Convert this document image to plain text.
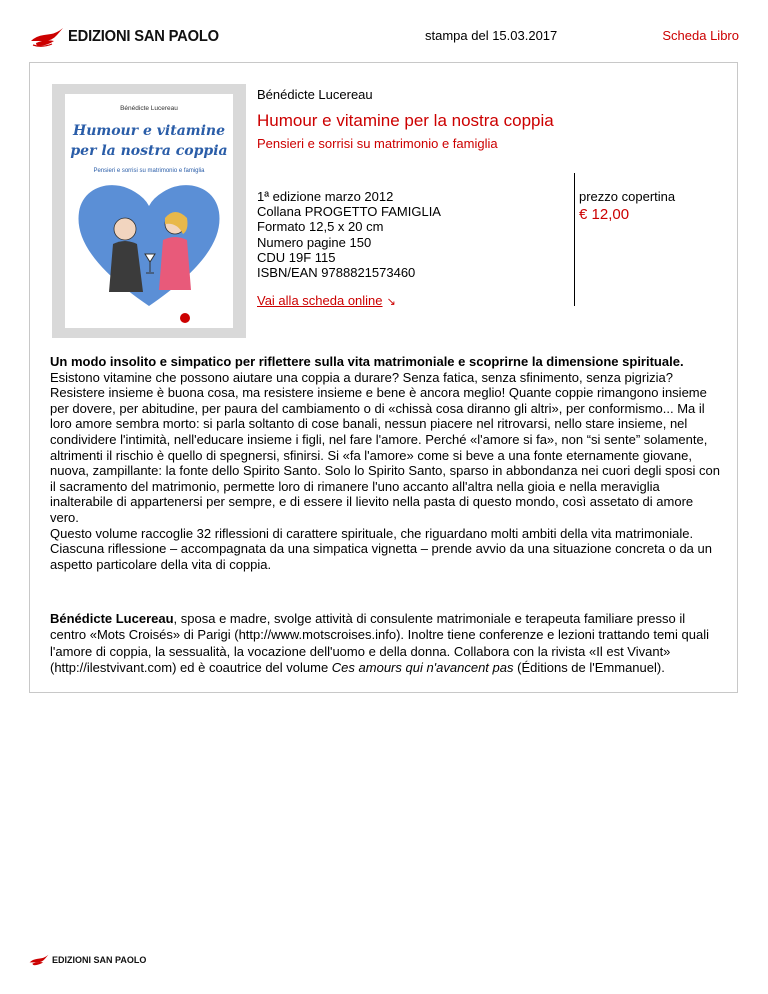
EDIZIONI SAN PAOLO	stampa del 15.03.2017	Scheda Libro
Bénédicte Lucereau
Humour e vitamine
per la nostra coppia
Pensieri e sorrisi su matrimonio e famiglia
Bénédicte Lucereau
Humour e vitamine per la nostra coppia
Pensieri e sorrisi su matrimonio e famiglia
1ª edizione marzo 2012
Collana PROGETTO FAMIGLIA
Formato 12,5 x 20 cm
Numero pagine 150
CDU 19F 115
ISBN/EAN 9788821573460
prezzo copertina
€ 12,00
Vai alla scheda online ↘

Un modo insolito e simpatico per riflettere sulla vita matrimoniale e scoprirne la dimensione spirituale.

Esistono vitamine che possono aiutare una coppia a durare? Senza fatica, senza sfinimento, senza pigrizia? Resistere insieme è buona cosa, ma resistere insieme e bene è ancora meglio! Quante coppie rimangono insieme per dovere, per abitudine, per paura del cambiamento o di «chissà cosa diranno gli altri», per conformismo... Ma il loro amore sembra morto: si parla soltanto di cose banali, nessun piacere nel ritrovarsi, nello stare insieme, nel condividere l'intimità, nell'educare insieme i figli, nel fare l'amore. Perché «l'amore si fa», non “si sente” solamente, altrimenti il rischio è quello di spegnersi, sfinirsi. Si «fa l'amore» come si beve a una fonte eternamente giovane, nuova, zampillante: la fonte dello Spirito Santo. Solo lo Spirito Santo, sparso in abbondanza nei cuori degli sposi con il sacramento del matrimonio, permette loro di rimanere l'uno accanto all'altra nella gioia e nella meraviglia inalterabile di appartenersi per sempre, e di essere il lievito nella pasta di questo mondo, così assetato di amore vero.

Questo volume raccoglie 32 riflessioni di carattere spirituale, che riguardano molti ambiti della vita matrimoniale. Ciascuna riflessione – accompagnata da una simpatica vignetta – prende avvio da una situazione concreta o da un aspetto particolare della vita di coppia.

Bénédicte Lucereau, sposa e madre, svolge attività di consulente matrimoniale e terapeuta familiare presso il centro «Mots Croisés» di Parigi (http://www.motscroises.info). Inoltre tiene conferenze e lezioni trattando temi quali l'amore di coppia, la sessualità, la vocazione dell'uomo e della donna. Collabora con la rivista «Il est Vivant» (http://ilestvivant.com) ed è coautrice del volume Ces amours qui n'avancent pas (Éditions de l'Emmanuel).
EDIZIONI SAN PAOLO
